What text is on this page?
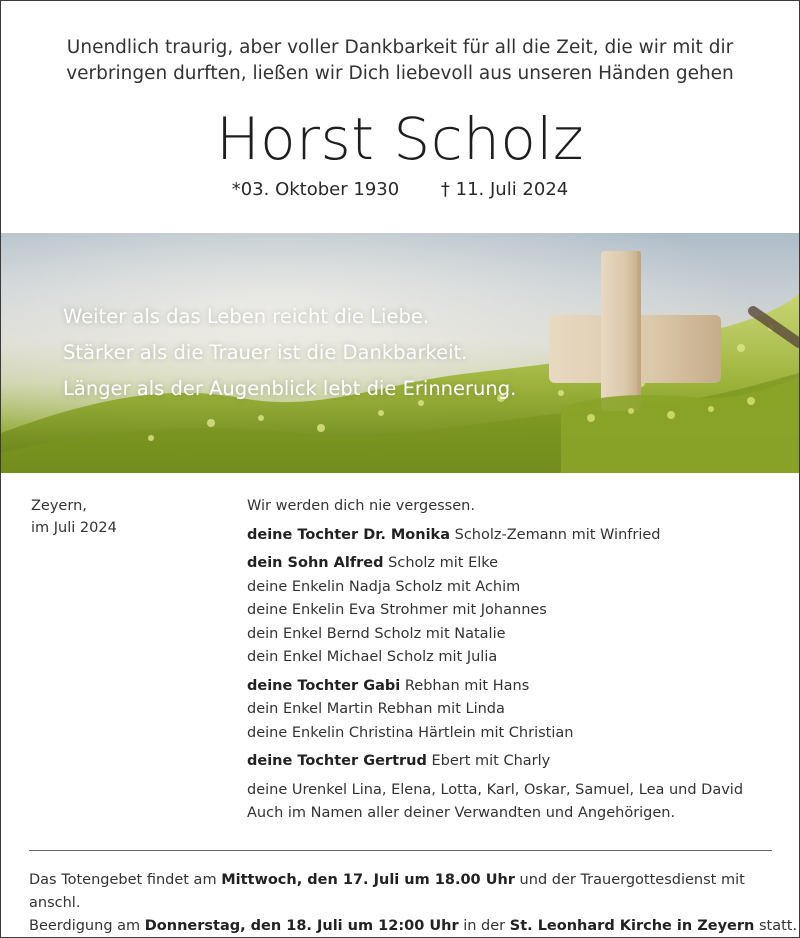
Unendlich traurig, aber voller Dankbarkeit für all die Zeit, die wir mit dir
verbringen durften, ließen wir Dich liebevoll aus unseren Händen gehen
Horst Scholz
*03. Oktober 1930 † 11. Juli 2024
Weiter als das Leben reicht die Liebe.
Stärker als die Trauer ist die Dankbarkeit.
Länger als der Augenblick lebt die Erinnerung.
Zeyern,
im Juli 2024
Wir werden dich nie vergessen.
deine Tochter Dr. Monika Scholz-Zemann mit Winfried
dein Sohn Alfred Scholz mit Elke
deine Enkelin Nadja Scholz mit Achim
deine Enkelin Eva Strohmer mit Johannes
dein Enkel Bernd Scholz mit Natalie
dein Enkel Michael Scholz mit Julia
deine Tochter Gabi Rebhan mit Hans
dein Enkel Martin Rebhan mit Linda
deine Enkelin Christina Härtlein mit Christian
deine Tochter Gertrud Ebert mit Charly
deine Urenkel Lina, Elena, Lotta, Karl, Oskar, Samuel, Lea und David
Auch im Namen aller deiner Verwandten und Angehörigen.
Das Totengebet findet am Mittwoch, den 17. Juli um 18.00 Uhr und der Trauergottesdienst mit anschl.
Beerdigung am Donnerstag, den 18. Juli um 12:00 Uhr in der St. Leonhard Kirche in Zeyern statt.
